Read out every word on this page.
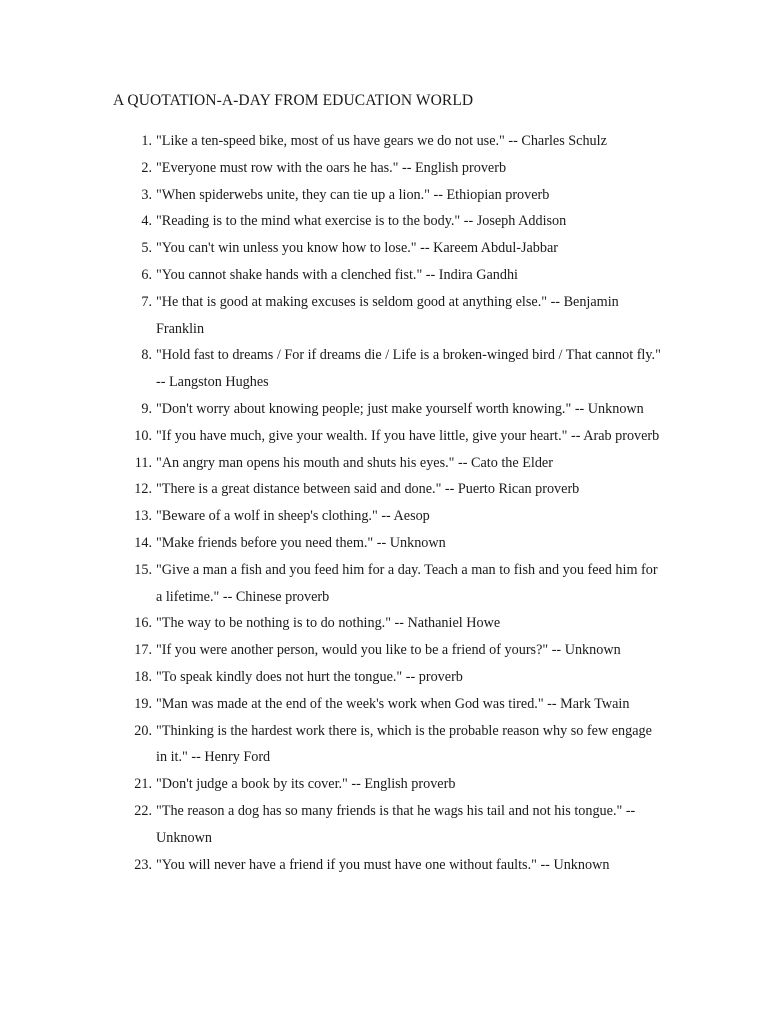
A QUOTATION-A-DAY FROM EDUCATION WORLD
1. "Like a ten-speed bike, most of us have gears we do not use." -- Charles Schulz
2. "Everyone must row with the oars he has." -- English proverb
3. "When spiderwebs unite, they can tie up a lion." -- Ethiopian proverb
4. "Reading is to the mind what exercise is to the body." -- Joseph Addison
5. "You can't win unless you know how to lose." -- Kareem Abdul-Jabbar
6. "You cannot shake hands with a clenched fist." -- Indira Gandhi
7. "He that is good at making excuses is seldom good at anything else." -- Benjamin Franklin
8. "Hold fast to dreams / For if dreams die / Life is a broken-winged bird / That cannot fly." -- Langston Hughes
9. "Don't worry about knowing people; just make yourself worth knowing." -- Unknown
10. "If you have much, give your wealth. If you have little, give your heart." -- Arab proverb
11. "An angry man opens his mouth and shuts his eyes." -- Cato the Elder
12. "There is a great distance between said and done." -- Puerto Rican proverb
13. "Beware of a wolf in sheep's clothing." -- Aesop
14. "Make friends before you need them." -- Unknown
15. "Give a man a fish and you feed him for a day. Teach a man to fish and you feed him for a lifetime." -- Chinese proverb
16. "The way to be nothing is to do nothing." -- Nathaniel Howe
17. "If you were another person, would you like to be a friend of yours?" -- Unknown
18. "To speak kindly does not hurt the tongue." -- proverb
19. "Man was made at the end of the week's work when God was tired." -- Mark Twain
20. "Thinking is the hardest work there is, which is the probable reason why so few engage in it." -- Henry Ford
21. "Don't judge a book by its cover." -- English proverb
22. "The reason a dog has so many friends is that he wags his tail and not his tongue." -- Unknown
23. "You will never have a friend if you must have one without faults." -- Unknown
